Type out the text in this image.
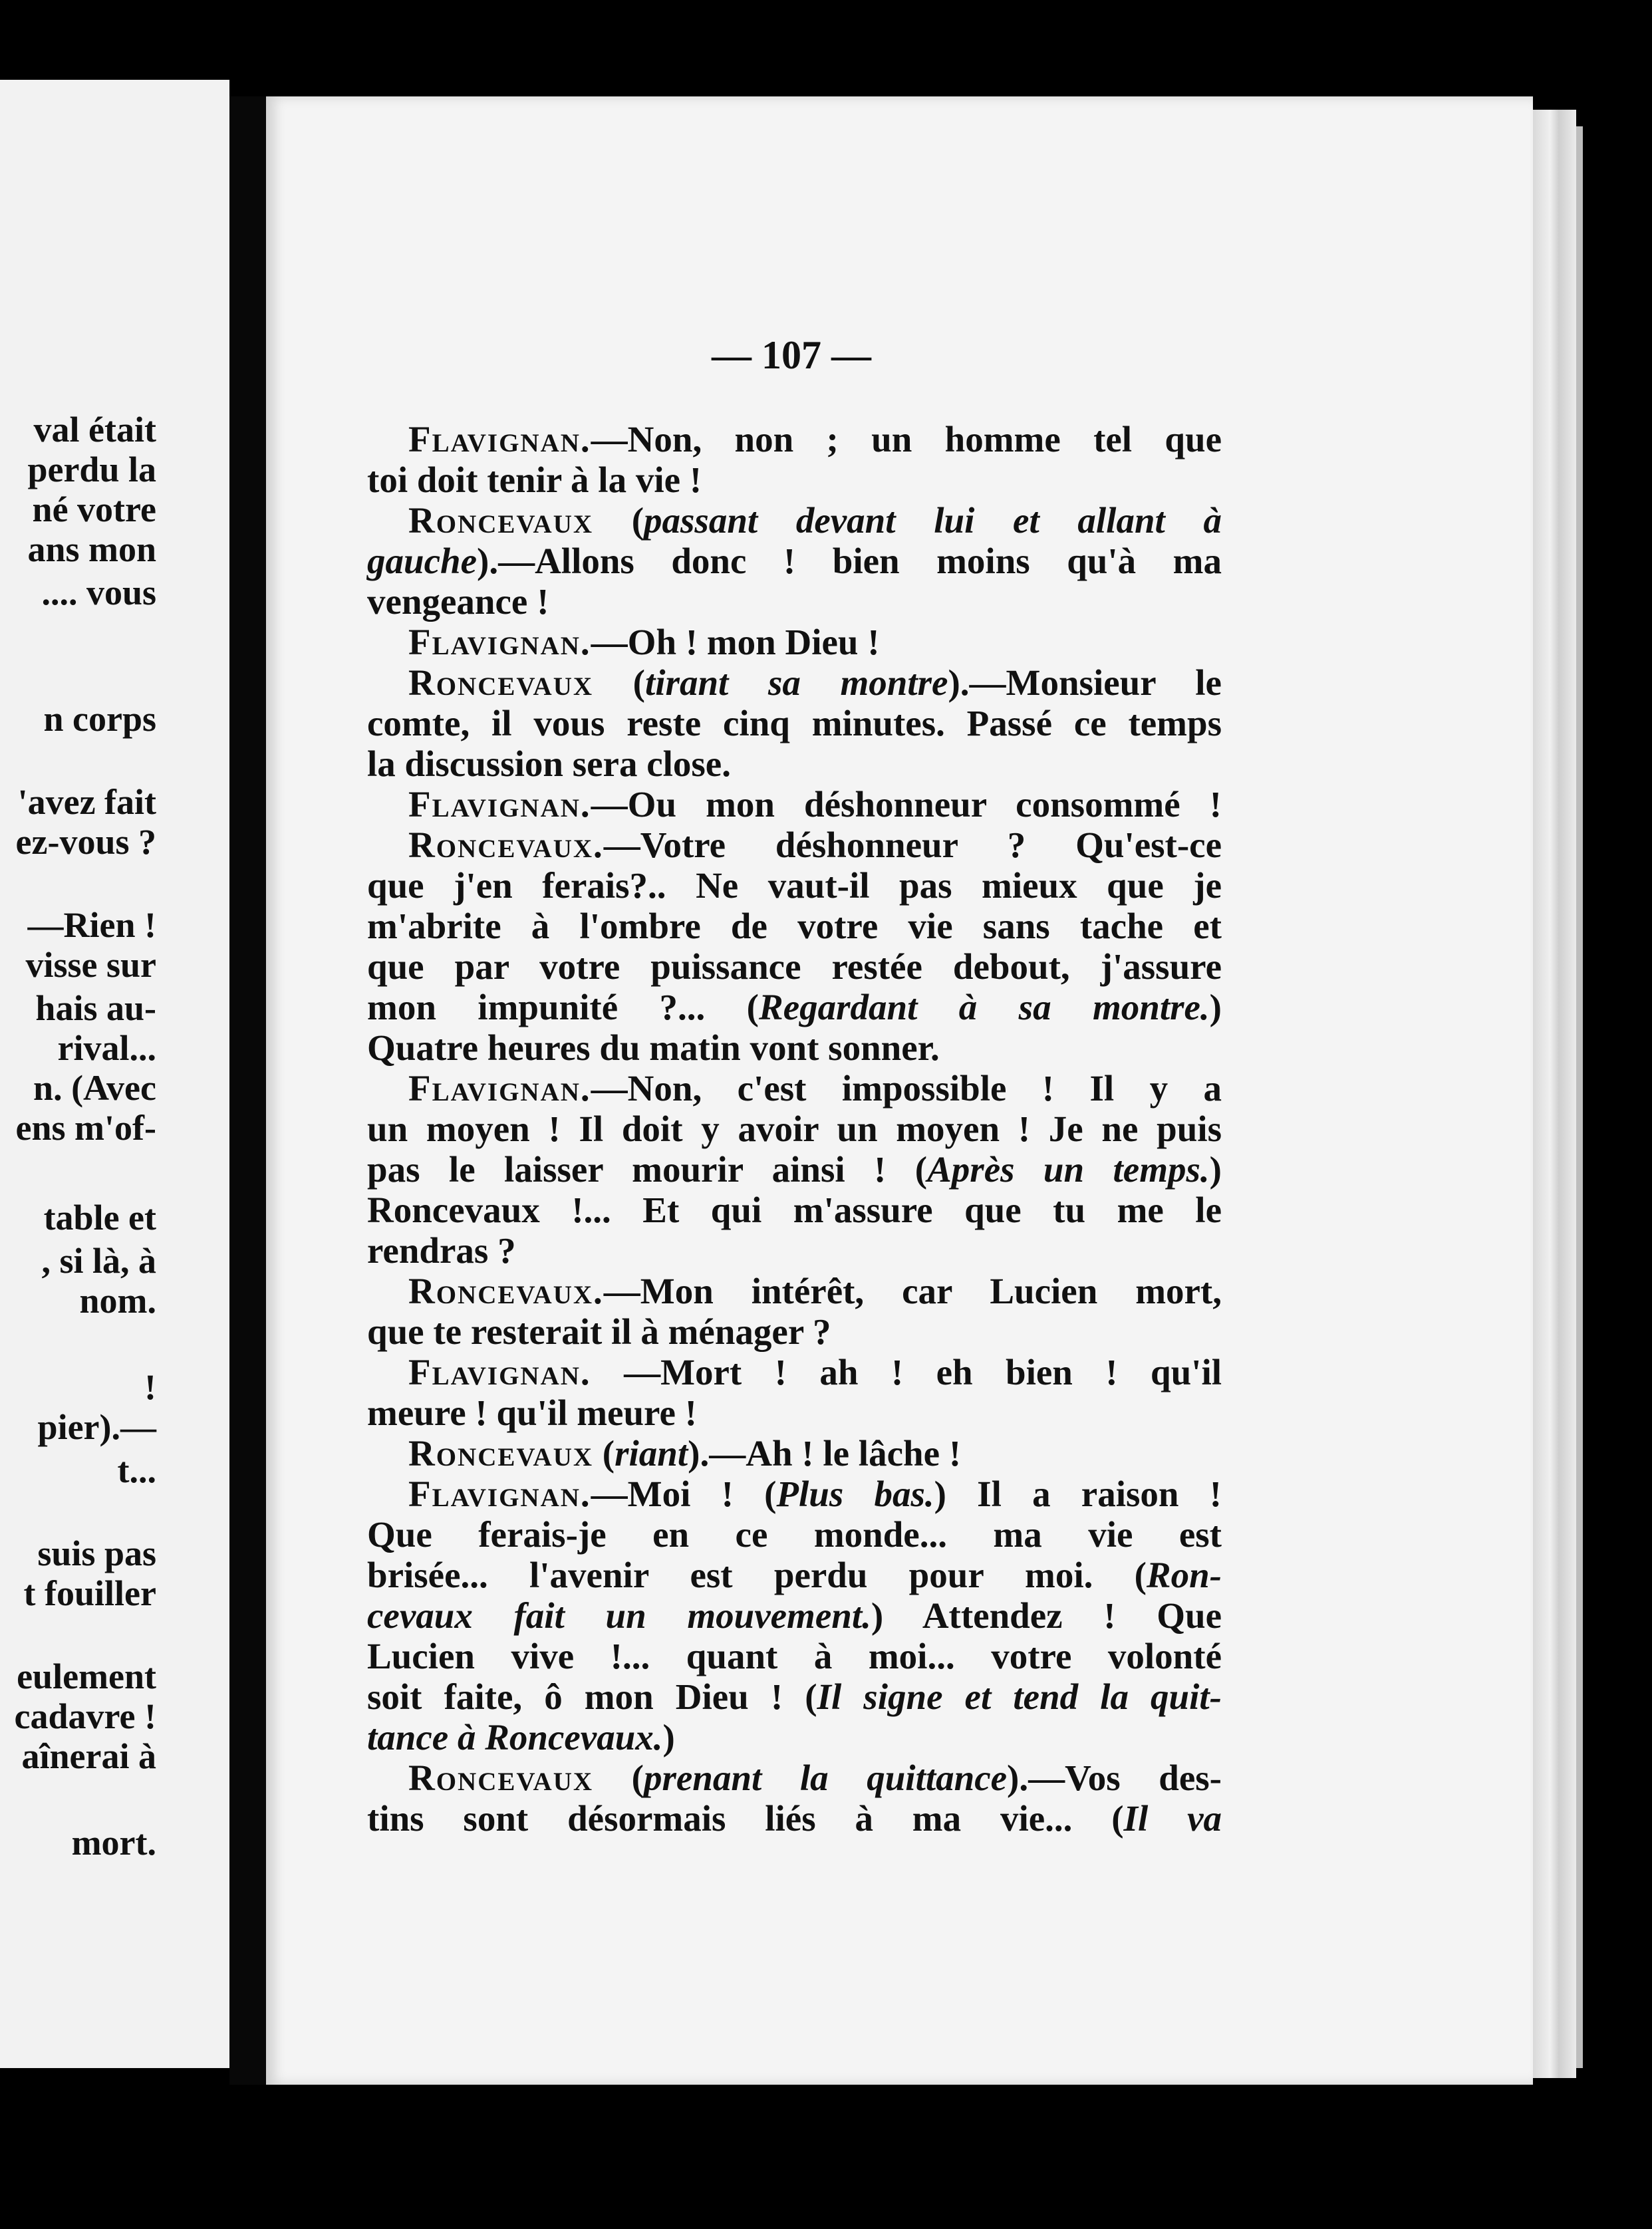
val était
perdu la
né votre
ans mon
.... vous
n corps
'avez fait
ez-vous ?
—Rien !
visse sur
hais au-
rival...
n. (Avec
ens m'of-
table et
, si là, à
nom.
!
pier).—
t...
suis pas
t fouiller
eulement
cadavre !
aînerai à
mort.
— 107 —
Flavignan.—Non, non ; un homme tel que
toi doit tenir à la vie !
Roncevaux (passant devant lui et allant à
gauche).—Allons donc ! bien moins qu'à ma
vengeance !
Flavignan.—Oh ! mon Dieu !
Roncevaux (tirant sa montre).—Monsieur le
comte, il vous reste cinq minutes. Passé ce temps
la discussion sera close.
Flavignan.—Ou mon déshonneur consommé !
Roncevaux.—Votre déshonneur ? Qu'est-ce
que j'en ferais?.. Ne vaut-il pas mieux que je
m'abrite à l'ombre de votre vie sans tache et
que par votre puissance restée debout, j'assure
mon impunité ?... (Regardant à sa montre.)
Quatre heures du matin vont sonner.
Flavignan.—Non, c'est impossible ! Il y a
un moyen ! Il doit y avoir un moyen ! Je ne puis
pas le laisser mourir ainsi ! (Après un temps.)
Roncevaux !... Et qui m'assure que tu me le
rendras ?
Roncevaux.—Mon intérêt, car Lucien mort,
que te resterait il à ménager ?
Flavignan. —Mort ! ah ! eh bien ! qu'il
meure ! qu'il meure !
Roncevaux (riant).—Ah ! le lâche !
Flavignan.—Moi ! (Plus bas.) Il a raison !
Que ferais-je en ce monde... ma vie est
brisée... l'avenir est perdu pour moi. (Ron-
cevaux fait un mouvement.) Attendez ! Que
Lucien vive !... quant à moi... votre volonté
soit faite, ô mon Dieu ! (Il signe et tend la quit-
tance à Roncevaux.)
Roncevaux (prenant la quittance).—Vos des-
tins sont désormais liés à ma vie... (Il va
